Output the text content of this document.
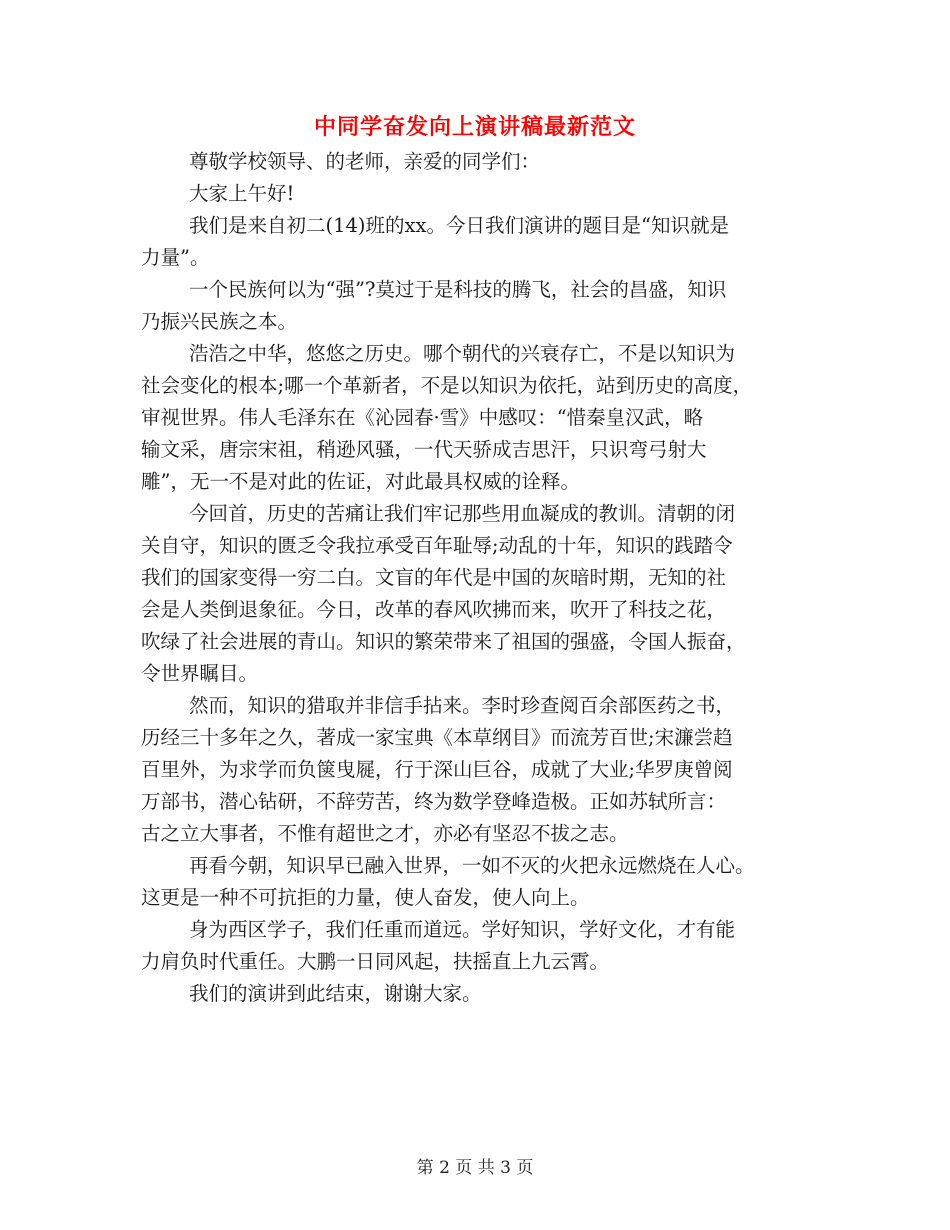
中同学奋发向上演讲稿最新范文

尊敬学校领导、的老师，亲爱的同学们：

大家上午好!

我们是来自初二(14)班的xx。今日我们演讲的题目是“知识就是
力量”。

一个民族何以为“强”?莫过于是科技的腾飞，社会的昌盛，知识
乃振兴民族之本。

浩浩之中华，悠悠之历史。哪个朝代的兴衰存亡，不是以知识为
社会变化的根本;哪一个革新者，不是以知识为依托，站到历史的高度，
审视世界。伟人毛泽东在《沁园春·雪》中感叹：“惜秦皇汉武，略
输文采，唐宗宋祖，稍逊风骚，一代天骄成吉思汗，只识弯弓射大
雕”，无一不是对此的佐证，对此最具权威的诠释。

今回首，历史的苦痛让我们牢记那些用血凝成的教训。清朝的闭
关自守，知识的匮乏令我拉承受百年耻辱;动乱的十年，知识的践踏令
我们的国家变得一穷二白。文盲的年代是中国的灰暗时期，无知的社
会是人类倒退象征。今日，改革的春风吹拂而来，吹开了科技之花，
吹绿了社会进展的青山。知识的繁荣带来了祖国的强盛，令国人振奋，
令世界瞩目。

然而，知识的猎取并非信手拈来。李时珍查阅百余部医药之书，
历经三十多年之久，著成一家宝典《本草纲目》而流芳百世;宋濂尝趋
百里外，为求学而负箧曳屣，行于深山巨谷，成就了大业;华罗庚曾阅
万部书，潜心钻研，不辞劳苦，终为数学登峰造极。正如苏轼所言：
古之立大事者，不惟有超世之才，亦必有坚忍不拔之志。

再看今朝，知识早已融入世界，一如不灭的火把永远燃烧在人心。
这更是一种不可抗拒的力量，使人奋发，使人向上。

身为西区学子，我们任重而道远。学好知识，学好文化，才有能
力肩负时代重任。大鹏一日同风起，扶摇直上九云霄。

我们的演讲到此结束，谢谢大家。

第 2 页 共 3 页
